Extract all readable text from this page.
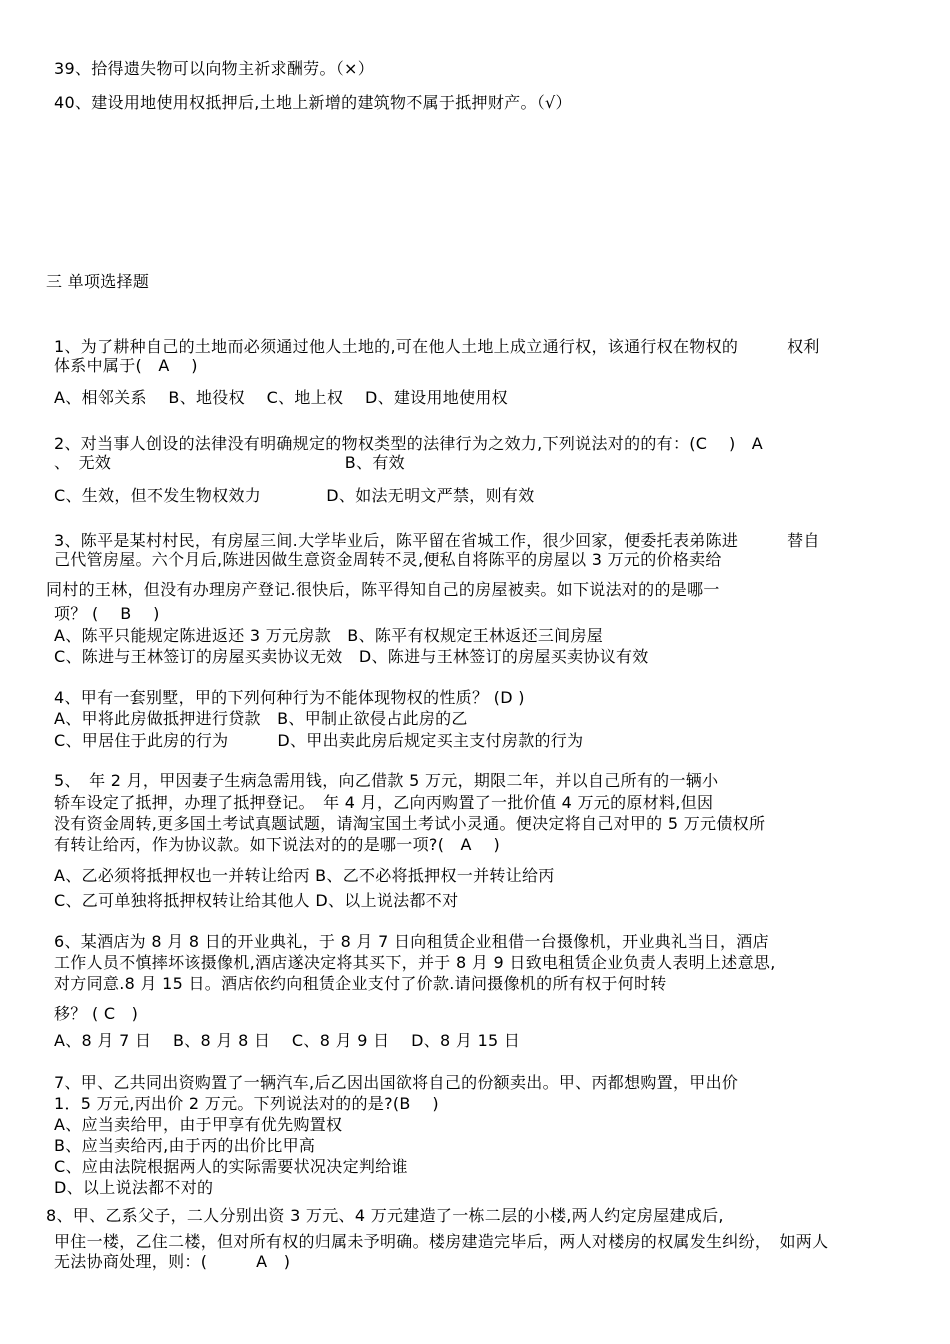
39、拾得遗失物可以向物主祈求酬劳。（×）
40、建设用地使用权抵押后,土地上新增的建筑物不属于抵押财产。（√）
三 单项选择题
1、为了耕种自己的土地而必须通过他人土地的,可在他人土地上成立通行权，该通行权在物权的　　　权利
体系中属于(　A　 )
A、相邻关系　 B、地役权　 C、地上权　 D、建设用地使用权
2、对当事人创设的法律没有明确规定的物权类型的法律行为之效力,下列说法对的的有：(C　 )　A
、　无效　　　　　　　　　　　　　　 B、有效
C、生效，但不发生物权效力　　　　D、如法无明文严禁，则有效
3、陈平是某村村民，有房屋三间.大学毕业后，陈平留在省城工作，很少回家，便委托表弟陈进　　　替自
己代管房屋。六个月后,陈进因做生意资金周转不灵,便私自将陈平的房屋以 3 万元的价格卖给
同村的王林，但没有办理房产登记.很快后，陈平得知自己的房屋被卖。如下说法对的的是哪一
项？ (　 B　 )
A、陈平只能规定陈进返还 3 万元房款　B、陈平有权规定王林返还三间房屋
C、陈进与王林签订的房屋买卖协议无效　D、陈进与王林签订的房屋买卖协议有效
4、甲有一套别墅，甲的下列何种行为不能体现物权的性质？ (D )
A、甲将此房做抵押进行贷款　B、甲制止欲侵占此房的乙
C、甲居住于此房的行为　　　D、甲出卖此房后规定买主支付房款的行为
5、　年 2 月，甲因妻子生病急需用钱，向乙借款 5 万元，期限二年，并以自己所有的一辆小
轿车设定了抵押，办理了抵押登记。　年 4 月，乙向丙购置了一批价值 4 万元的原材料,但因
没有资金周转,更多国土考试真题试题，请淘宝国土考试小灵通。便决定将自己对甲的 5 万元债权所
有转让给丙，作为协议款。如下说法对的的是哪一项?(　A　 )
A、乙必须将抵押权也一并转让给丙 B、乙不必将抵押权一并转让给丙
C、乙可单独将抵押权转让给其他人 D、以上说法都不对
6、某酒店为 8 月 8 日的开业典礼，于 8 月 7 日向租赁企业租借一台摄像机，开业典礼当日，酒店
工作人员不慎摔坏该摄像机,酒店遂决定将其买下，并于 8 月 9 日致电租赁企业负责人表明上述意思,
对方同意.8 月 15 日。酒店依约向租赁企业支付了价款.请问摄像机的所有权于何时转
移？ ( C　)
A、8 月 7 日　 B、8 月 8 日　 C、8 月 9 日　 D、8 月 15 日
7、甲、乙共同出资购置了一辆汽车,后乙因出国欲将自己的份额卖出。甲、丙都想购置，甲出价
1．5 万元,丙出价 2 万元。下列说法对的的是?(B　 )
A、应当卖给甲，由于甲享有优先购置权
B、应当卖给丙,由于丙的出价比甲高
C、应由法院根据两人的实际需要状况决定判给谁
D、以上说法都不对的
8、甲、乙系父子，二人分别出资 3 万元、4 万元建造了一栋二层的小楼,两人约定房屋建成后,
甲住一楼，乙住二楼，但对所有权的归属未予明确。楼房建造完毕后，两人对楼房的权属发生纠纷，　如两人
无法协商处理，则：(　　　A　)
